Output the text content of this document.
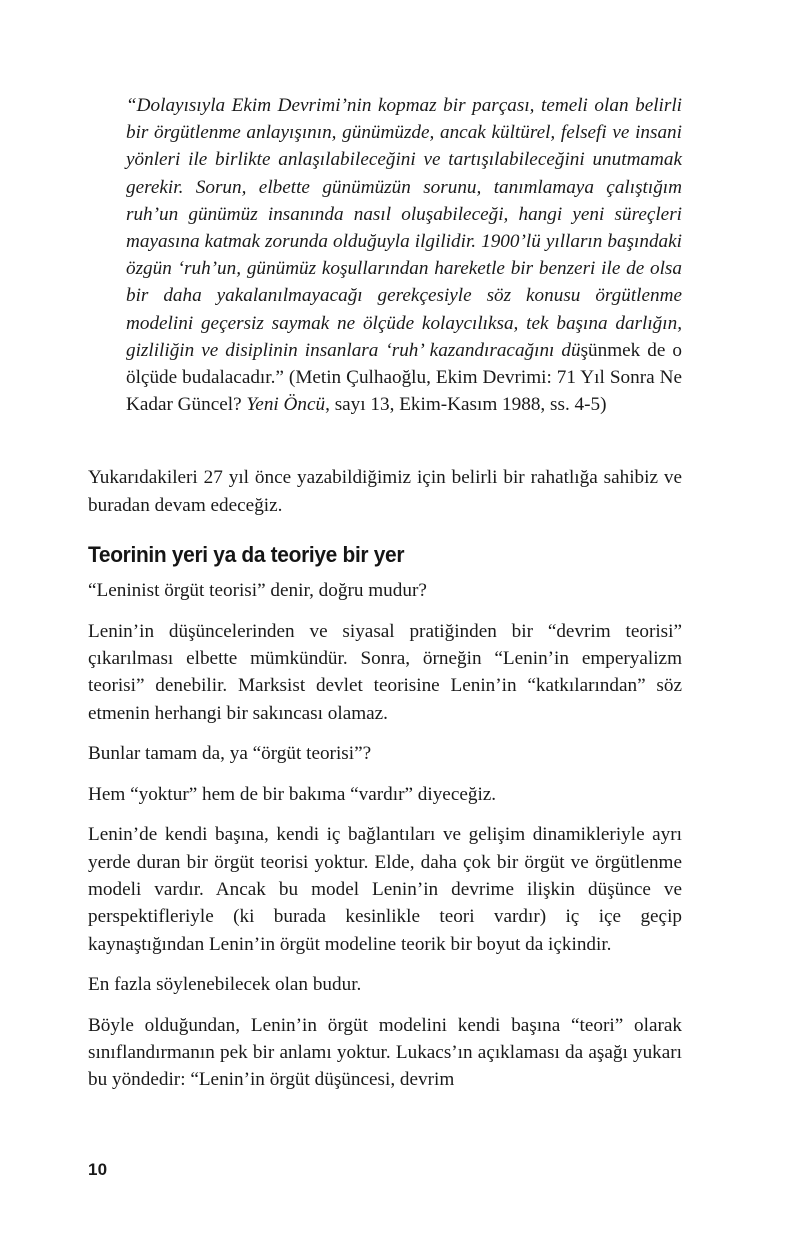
“Dolayısıyla Ekim Devrimi’nin kopmaz bir parçası, temeli olan belirli bir örgütlenme anlayışının, günümüzde, ancak kültürel, felsefi ve insani yönleri ile birlikte anlaşılabileceğini ve tartışılabileceğini unutmamak gerekir. Sorun, elbette günümüzün sorunu, tanımlamaya çalıştığım ruh’un günümüz insanında nasıl oluşabileceği, hangi yeni süreçleri mayasına katmak zorunda olduğuyla ilgilidir. 1900’lü yılların başındaki özgün ‘ruh’un, günümüz koşullarından hareketle bir benzeri ile de olsa bir daha yakalanılmayacağı gerekçesiyle söz konusu örgütlenme modelini geçersiz saymak ne ölçüde kolaycılıksa, tek başına darlığın, gizliliğin ve disiplinin insanlara ‘ruh’ kazandıracağını düşünmek de o ölçüde budalacadır.” (Metin Çulhaoğlu, Ekim Devrimi: 71 Yıl Sonra Ne Kadar Güncel? Yeni Öncü, sayı 13, Ekim-Kasım 1988, ss. 4-5)

Yukarıdakileri 27 yıl önce yazabildiğimiz için belirli bir rahatlığa sahibiz ve buradan devam edeceğiz.

Teorinin yeri ya da teoriye bir yer

“Leninist örgüt teorisi” denir, doğru mudur?

Lenin’in düşüncelerinden ve siyasal pratiğinden bir “devrim teorisi” çıkarılması elbette mümkündür. Sonra, örneğin “Lenin’in emperyalizm teorisi” denebilir. Marksist devlet teorisine Lenin’in “katkılarından” söz etmenin herhangi bir sakıncası olamaz.

Bunlar tamam da, ya “örgüt teorisi”?

Hem “yoktur” hem de bir bakıma “vardır” diyeceğiz.

Lenin’de kendi başına, kendi iç bağlantıları ve gelişim dinamikleriyle ayrı yerde duran bir örgüt teorisi yoktur. Elde, daha çok bir örgüt ve örgütlenme modeli vardır. Ancak bu model Lenin’in devrime ilişkin düşünce ve perspektifleriyle (ki burada kesinlikle teori vardır) iç içe geçip kaynaştığından Lenin’in örgüt modeline teorik bir boyut da içkindir.

En fazla söylenebilecek olan budur.

Böyle olduğundan, Lenin’in örgüt modelini kendi başına “teori” olarak sınıflandırmanın pek bir anlamı yoktur. Lukacs’ın açıklaması da aşağı yukarı bu yöndedir: “Lenin’in örgüt düşüncesi, devrim

10
